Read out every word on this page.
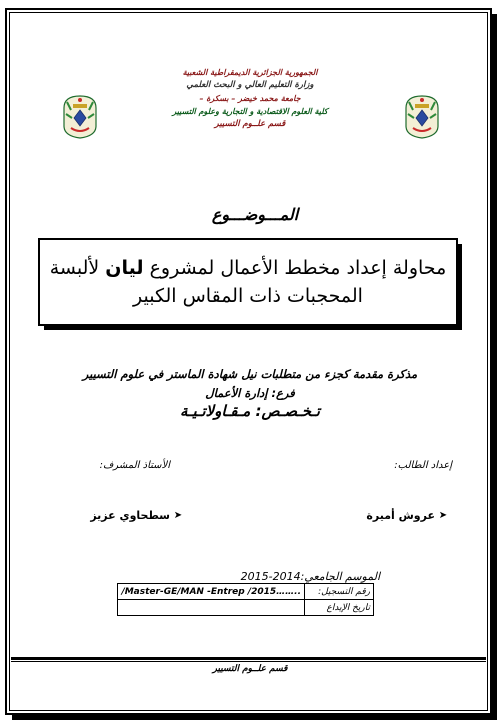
الجمهورية الجزائرية الديمقراطية الشعبية
وزارة التعليم العالي و البحث العلمي
جامعة محمد خيضر – بسكرة –
كلية العلوم الاقتصادية و التجارية وعلوم التسيير
قسم علــوم التسيير
المـــوضـــوع
محاولة إعداد مخطط الأعمال لمشروع ليان لألبسة
المحجبات ذات المقاس الكبير
مذكرة مقدمة كجزء من متطلبات نيل شهادة الماستر في علوم التسيير
فرع: إدارة الأعمال
تـخـصـص: مـقـاولاتـيـة
إعداد الطالب:
الأستاذ المشرف:
➤
عروش أميرة
➤
سطحاوي عزيز
الموسم الجامعي:2014-2015
/Master-GE/MAN -Entrep /2015……..	رقم التسجيل:
	تاريخ الإيداع
قسم علــوم التسيير
